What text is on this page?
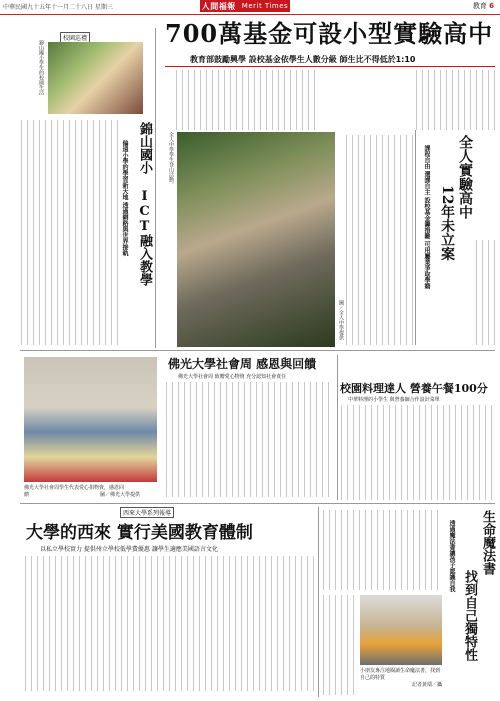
中華民國九十五年十一月二十八日 星期三	人間福報 Merit Times	教育 6
700萬基金可設小型實驗高中
教育部鼓勵興學 設校基金依學生人數分級 師生比不得低於1:10
全人中學學生登山活動。
圖／全人中學提供
全人實驗高中
12年未立案
課程自由 選課自主 設校基金籌措難 可用屬業爭取學籍
校園巡禮
錦山國小學生的校園生活
錦山國小 ICT融入教學
偏遠小學的學習新天地 透過網路與世界接軌
佛光大學社會周 感恩與回饋
佛光大學社會周 致贈愛心物資 充分認知社會責任
佛光大學社會周學生代表愛心捐物資，感恩回饋	圖／佛光大學提供
校園料理達人 營養午餐100分
中華料理的小學生 與營養師合作設計菜單
西來大學系列報導
大學的西來 實行美國教育體制
以私立學校實力 提供州立學校低學費優惠 讓學生適應美國語言文化	生命魔法書
找到自己獨特性
透過魔法書讓孩子認識自我
小朋友專注地閱讀生命魔法書，找到自己的特質
記者黃瑞／攝
